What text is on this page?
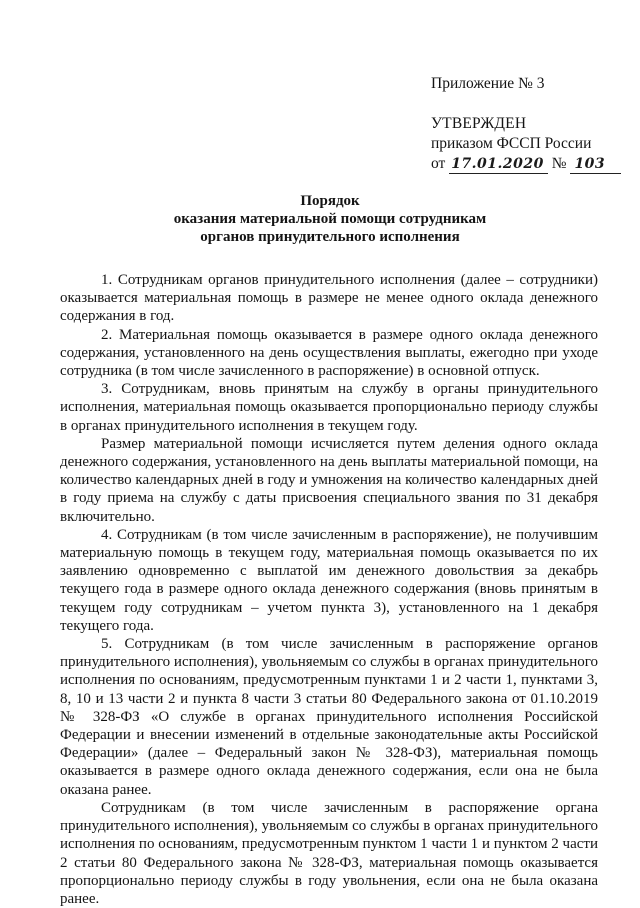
Приложение № 3
УТВЕРЖДЕН
приказом ФССП России
от 17.01.2020 № 103
Порядок
оказания материальной помощи сотрудникам
органов принудительного исполнения

1. Сотрудникам органов принудительного исполнения (далее – сотрудники) оказывается материальная помощь в размере не менее одного оклада денежного содержания в год.

2. Материальная помощь оказывается в размере одного оклада денежного содержания, установленного на день осуществления выплаты, ежегодно при уходе сотрудника (в том числе зачисленного в распоряжение) в основной отпуск.

3. Сотрудникам, вновь принятым на службу в органы принудительного исполнения, материальная помощь оказывается пропорционально периоду службы в органах принудительного исполнения в текущем году.

Размер материальной помощи исчисляется путем деления одного оклада денежного содержания, установленного на день выплаты материальной помощи, на количество календарных дней в году и умножения на количество календарных дней в году приема на службу с даты присвоения специального звания по 31 декабря включительно.

4. Сотрудникам (в том числе зачисленным в распоряжение), не получившим материальную помощь в текущем году, материальная помощь оказывается по их заявлению одновременно с выплатой им денежного довольствия за декабрь текущего года в размере одного оклада денежного содержания (вновь принятым в текущем году сотрудникам – учетом пункта 3), установленного на 1 декабря текущего года.

5. Сотрудникам (в том числе зачисленным в распоряжение органов принудительного исполнения), увольняемым со службы в органах принудительного исполнения по основаниям, предусмотренным пунктами 1 и 2 части 1, пунктами 3, 8, 10 и 13 части 2 и пункта 8 части 3 статьи 80 Федерального закона от 01.10.2019 № 328-ФЗ «О службе в органах принудительного исполнения Российской Федерации и внесении изменений в отдельные законодательные акты Российской Федерации» (далее – Федеральный закон № 328-ФЗ), материальная помощь оказывается в размере одного оклада денежного содержания, если она не была оказана ранее.

Сотрудникам (в том числе зачисленным в распоряжение органа принудительного исполнения), увольняемым со службы в органах принудительного исполнения по основаниям, предусмотренным пунктом 1 части 1 и пунктом 2 части 2 статьи 80 Федерального закона № 328-ФЗ, материальная помощь оказывается пропорционально периоду службы в году увольнения, если она не была оказана ранее.
